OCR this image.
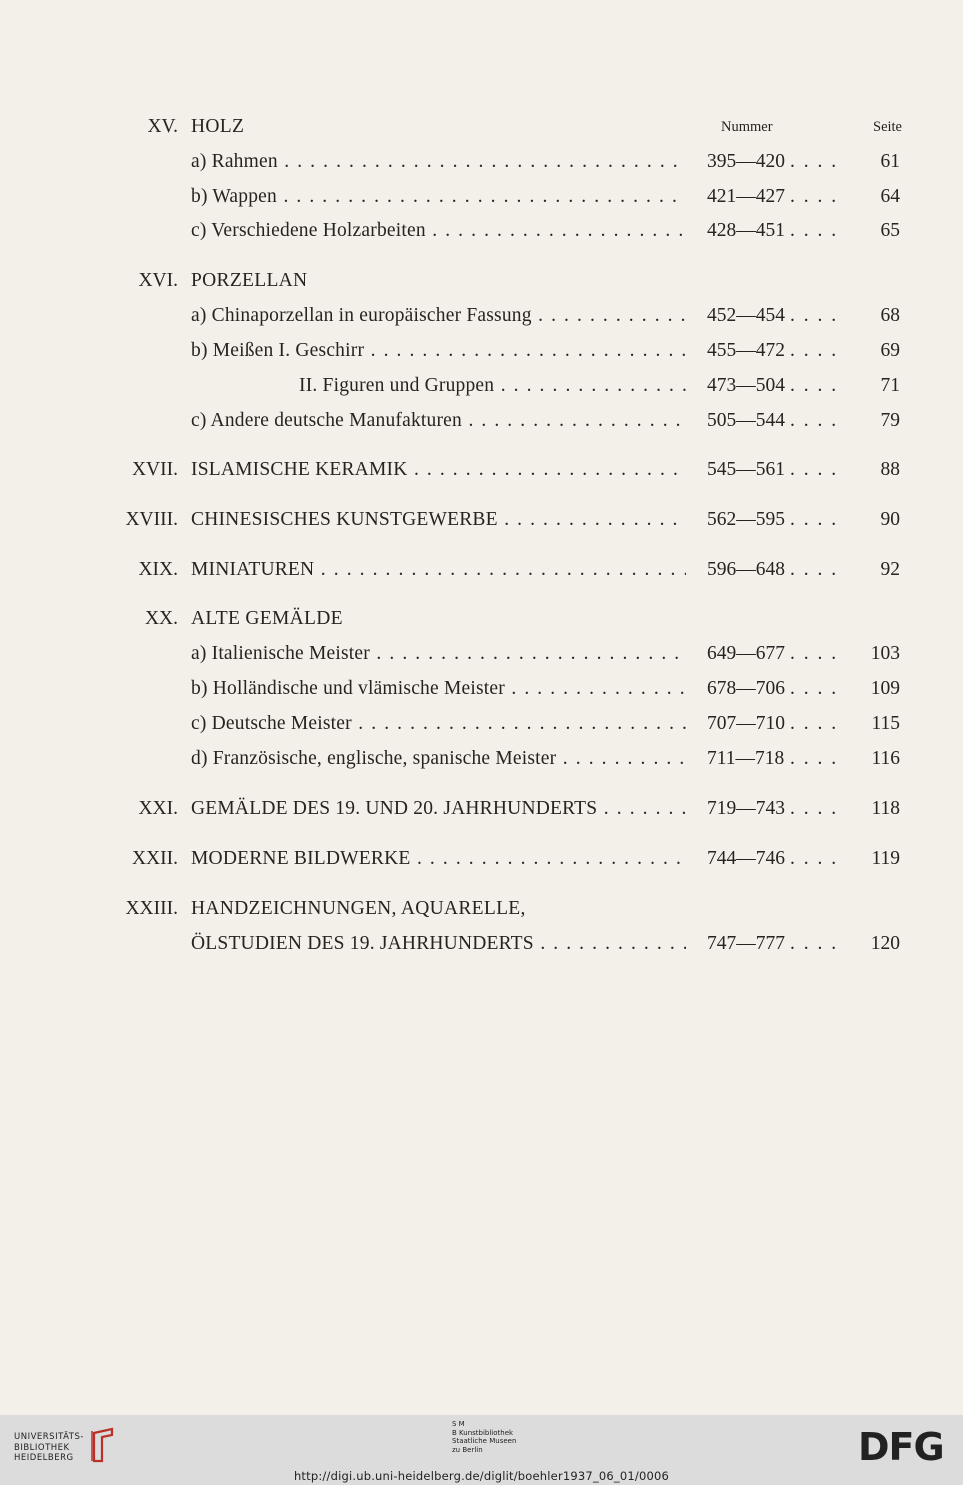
Nummer	Seite
XV. HOLZ
a) Rahmen . . .	395—420 . . . . 61
b) Wappen . . .	421—427 . . . . 64
c) Verschiedene Holzarbeiten . . .	428—451 . . . . 65
XVI. PORZELLAN
a) Chinaporzellan in europäischer Fassung . . .	452—454 . . . . 68
b) Meißen I. Geschirr . . .	455—472 . . . . 69
II. Figuren und Gruppen . . .	473—504 . . . . 71
c) Andere deutsche Manufakturen . . .	505—544 . . . . 79
XVII. ISLAMISCHE KERAMIK . . .	545—561 . . . . 88
XVIII. CHINESISCHES KUNSTGEWERBE . . .	562—595 . . . . 90
XIX. MINIATUREN . . .	596—648 . . . . 92
XX. ALTE GEMÄLDE
a) Italienische Meister . . .	649—677 . . . . 103
b) Holländische und vlämische Meister . . .	678—706 . . . . 109
c) Deutsche Meister . . .	707—710 . . . . 115
d) Französische, englische, spanische Meister . . .	711—718 . . . . 116
XXI. GEMÄLDE DES 19. UND 20. JAHRHUNDERTS . . .	719—743 . . . . 118
XXII. MODERNE BILDWERKE . . .	744—746 . . . . 119
XXIII. HANDZEICHNUNGEN, AQUARELLE,
ÖLSTUDIEN DES 19. JAHRHUNDERTS . . .	747—777 . . . . 120
UNIVERSITÄTS-
BIBLIOTHEK
HEIDELBERG
S M
B Kunstbibliothek
Staatliche Museen
zu Berlin
http://digi.ub.uni-heidelberg.de/diglit/boehler1937_06_01/0006
DFG
